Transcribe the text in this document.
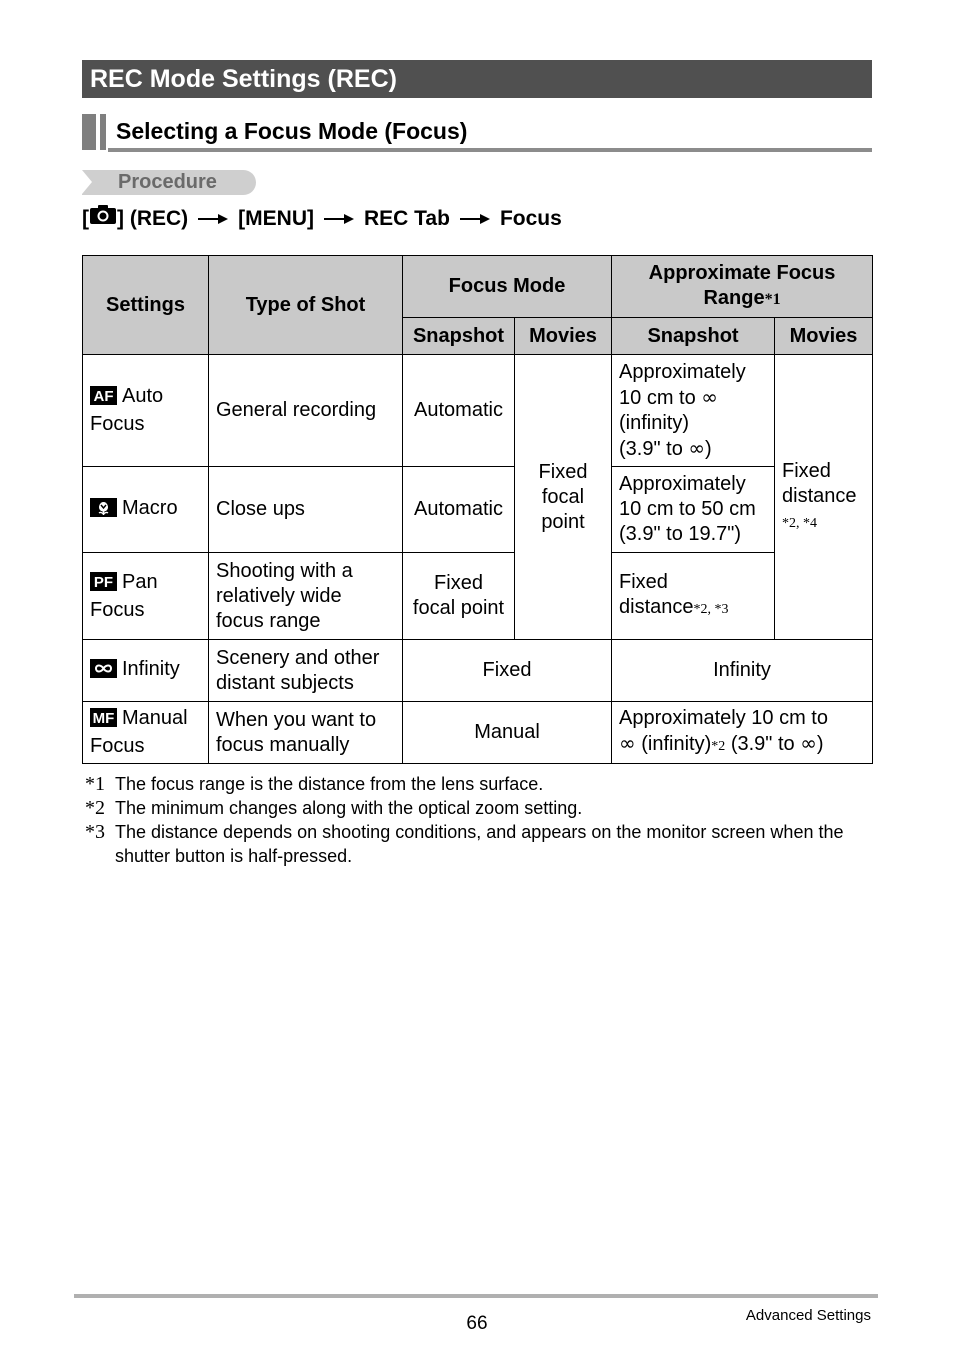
REC Mode Settings (REC)
Selecting a Focus Mode (Focus)
Procedure
[ ] (REC) [MENU] REC Tab Focus
Settings	Type of Shot	Focus Mode		Approximate Focus Range*1	
		Snapshot	Movies	Snapshot	Movies

AF Auto
Focus	General recording	Automatic	Fixed
focal
point	Approximately
10 cm to ∞
(infinity)
(3.9" to ∞)	Fixed
distance
*2, *4
Macro	Close ups	Automatic		Approximately
10 cm to 50 cm
(3.9" to 19.7")	

PF Pan
Focus	Shooting with a
relatively wide
focus range	Fixed
focal point		Fixed
distance*2, *3	
Infinity	Scenery and other
distant subjects	Fixed		Infinity	

MF Manual
Focus	When you want to
focus manually	Manual		Approximately 10 cm to
∞ (infinity)*2 (3.9" to ∞)	
*1 The focus range is the distance from the lens surface.
*2 The minimum changes along with the optical zoom setting.
*3 The distance depends on shooting conditions, and appears on the monitor screen when the shutter button is half-pressed.
66	Advanced Settings
